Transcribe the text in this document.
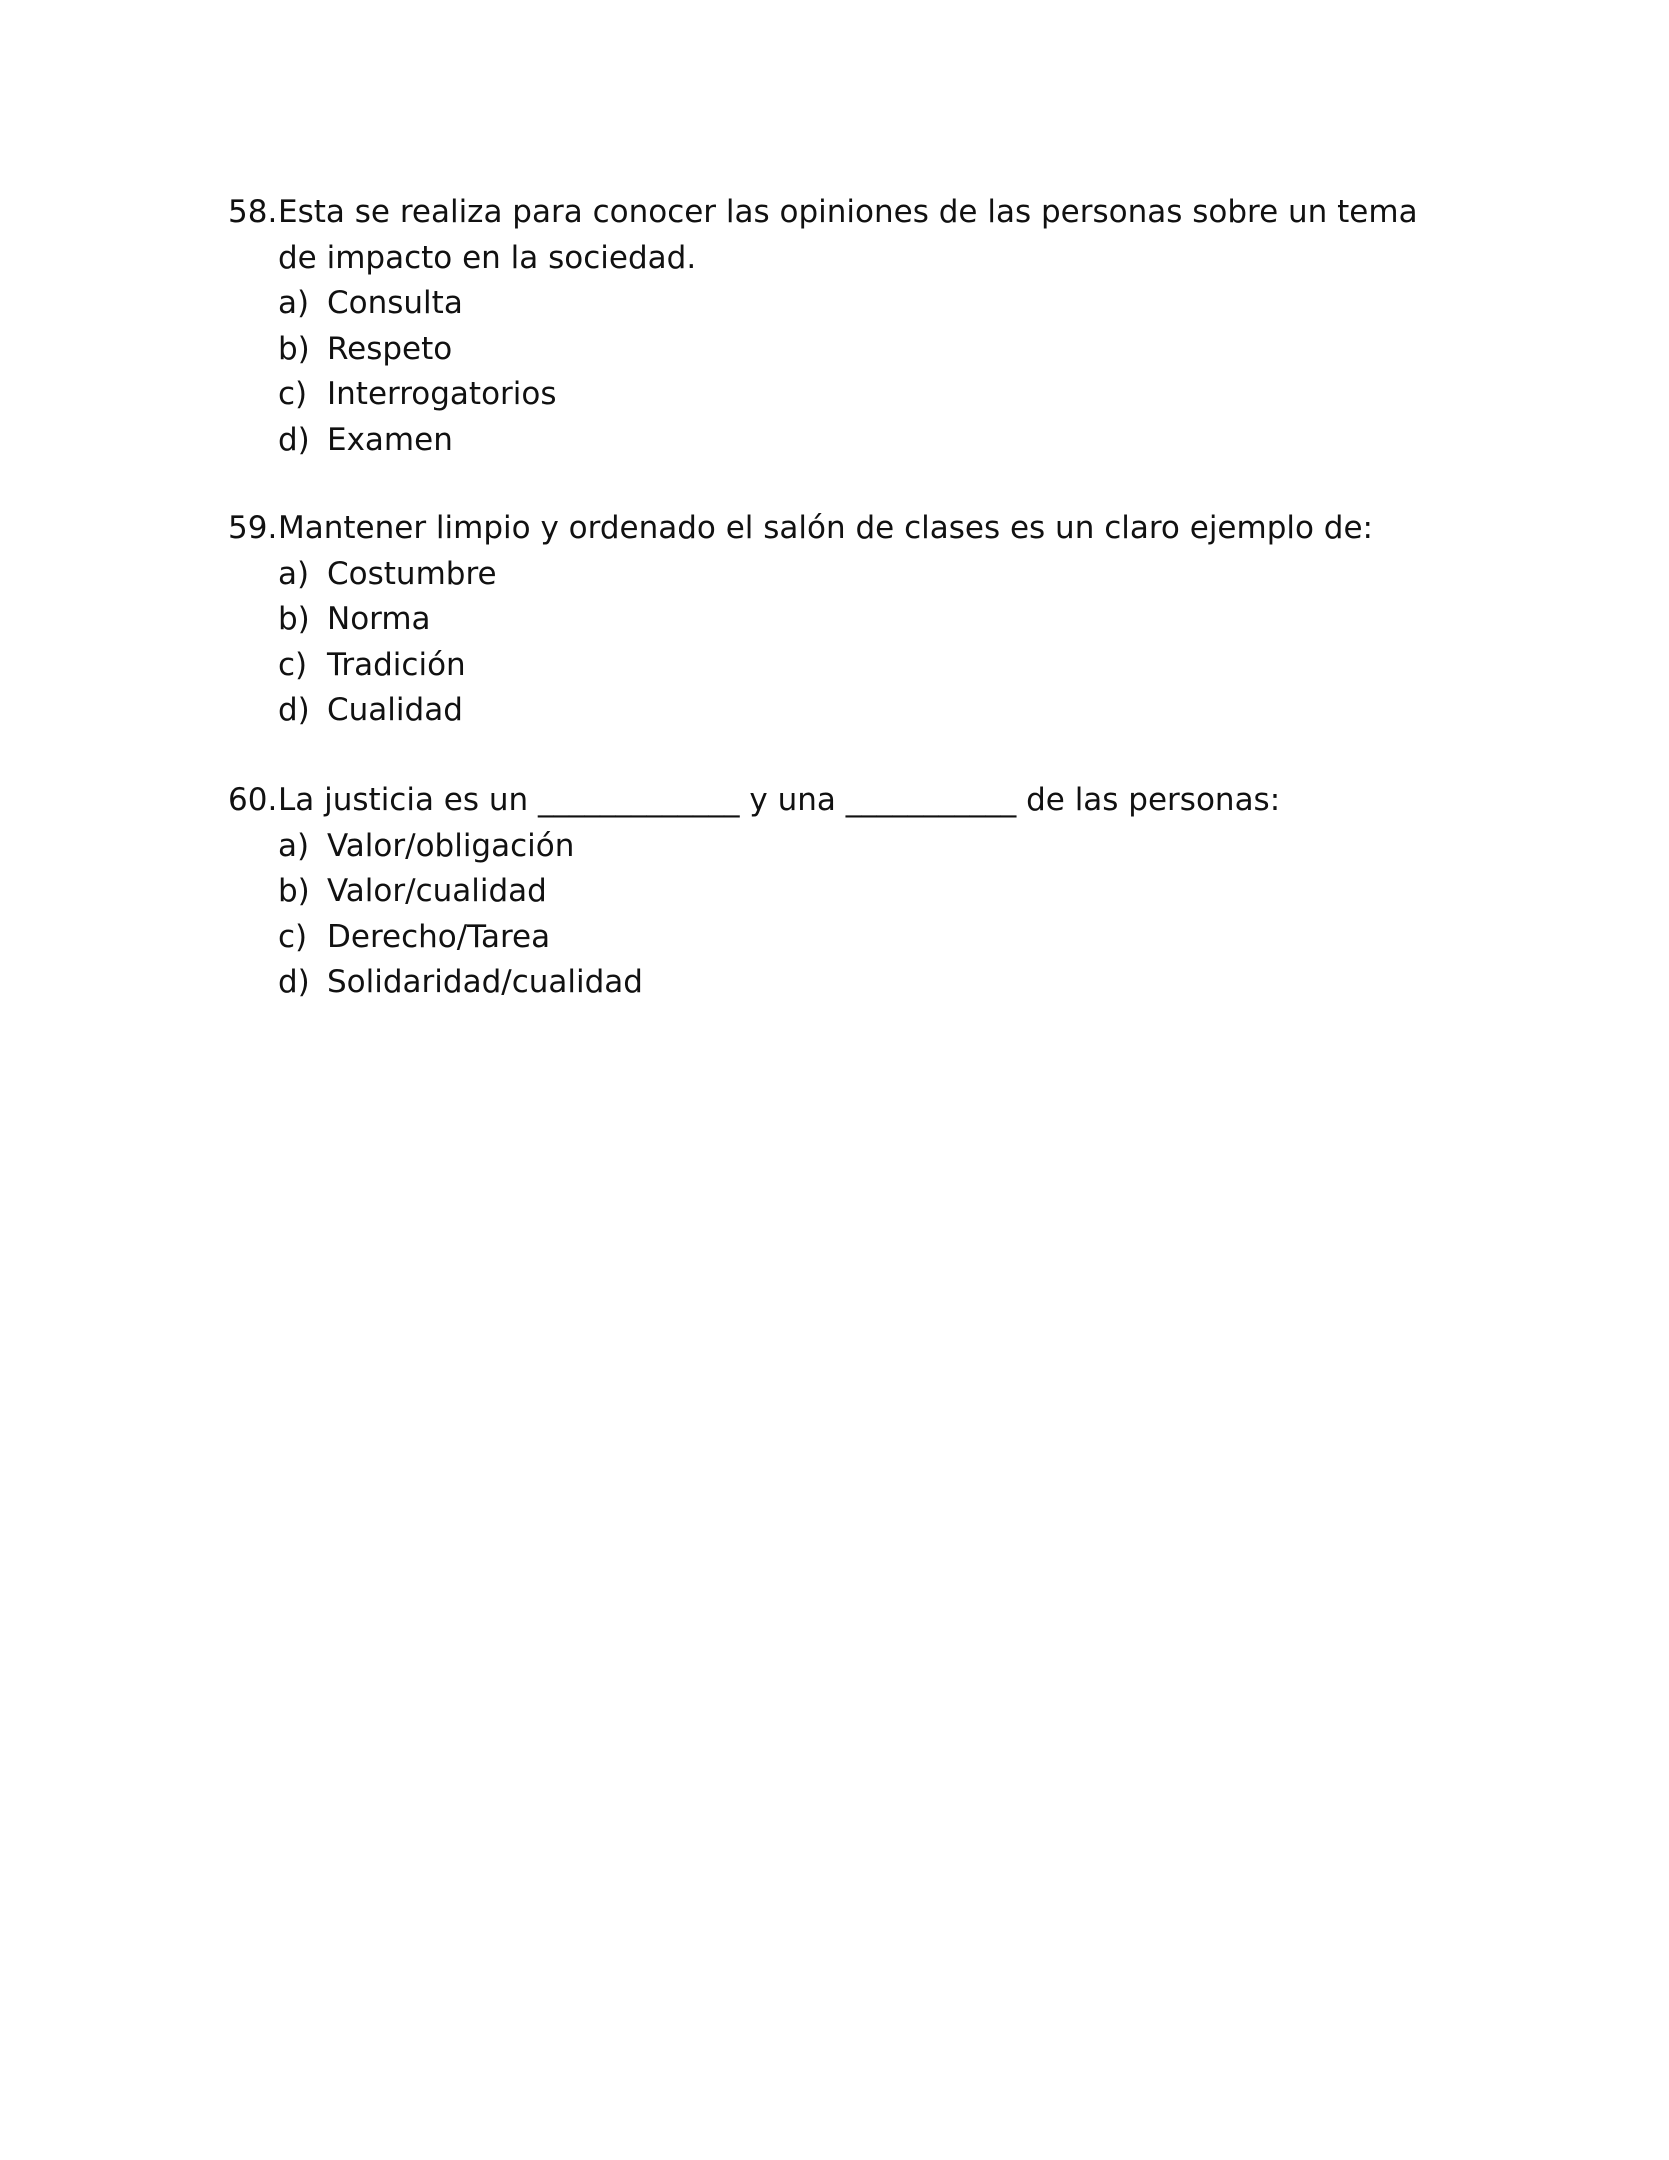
58. Esta se realiza para conocer las opiniones de las personas sobre un tema de impacto en la sociedad.
a) Consulta
b) Respeto
c) Interrogatorios
d) Examen
59. Mantener limpio y ordenado el salón de clases es un claro ejemplo de:
a) Costumbre
b) Norma
c) Tradición
d) Cualidad
60. La justicia es un _____________ y una ___________ de las personas:
a) Valor/obligación
b) Valor/cualidad
c) Derecho/Tarea
d) Solidaridad/cualidad
